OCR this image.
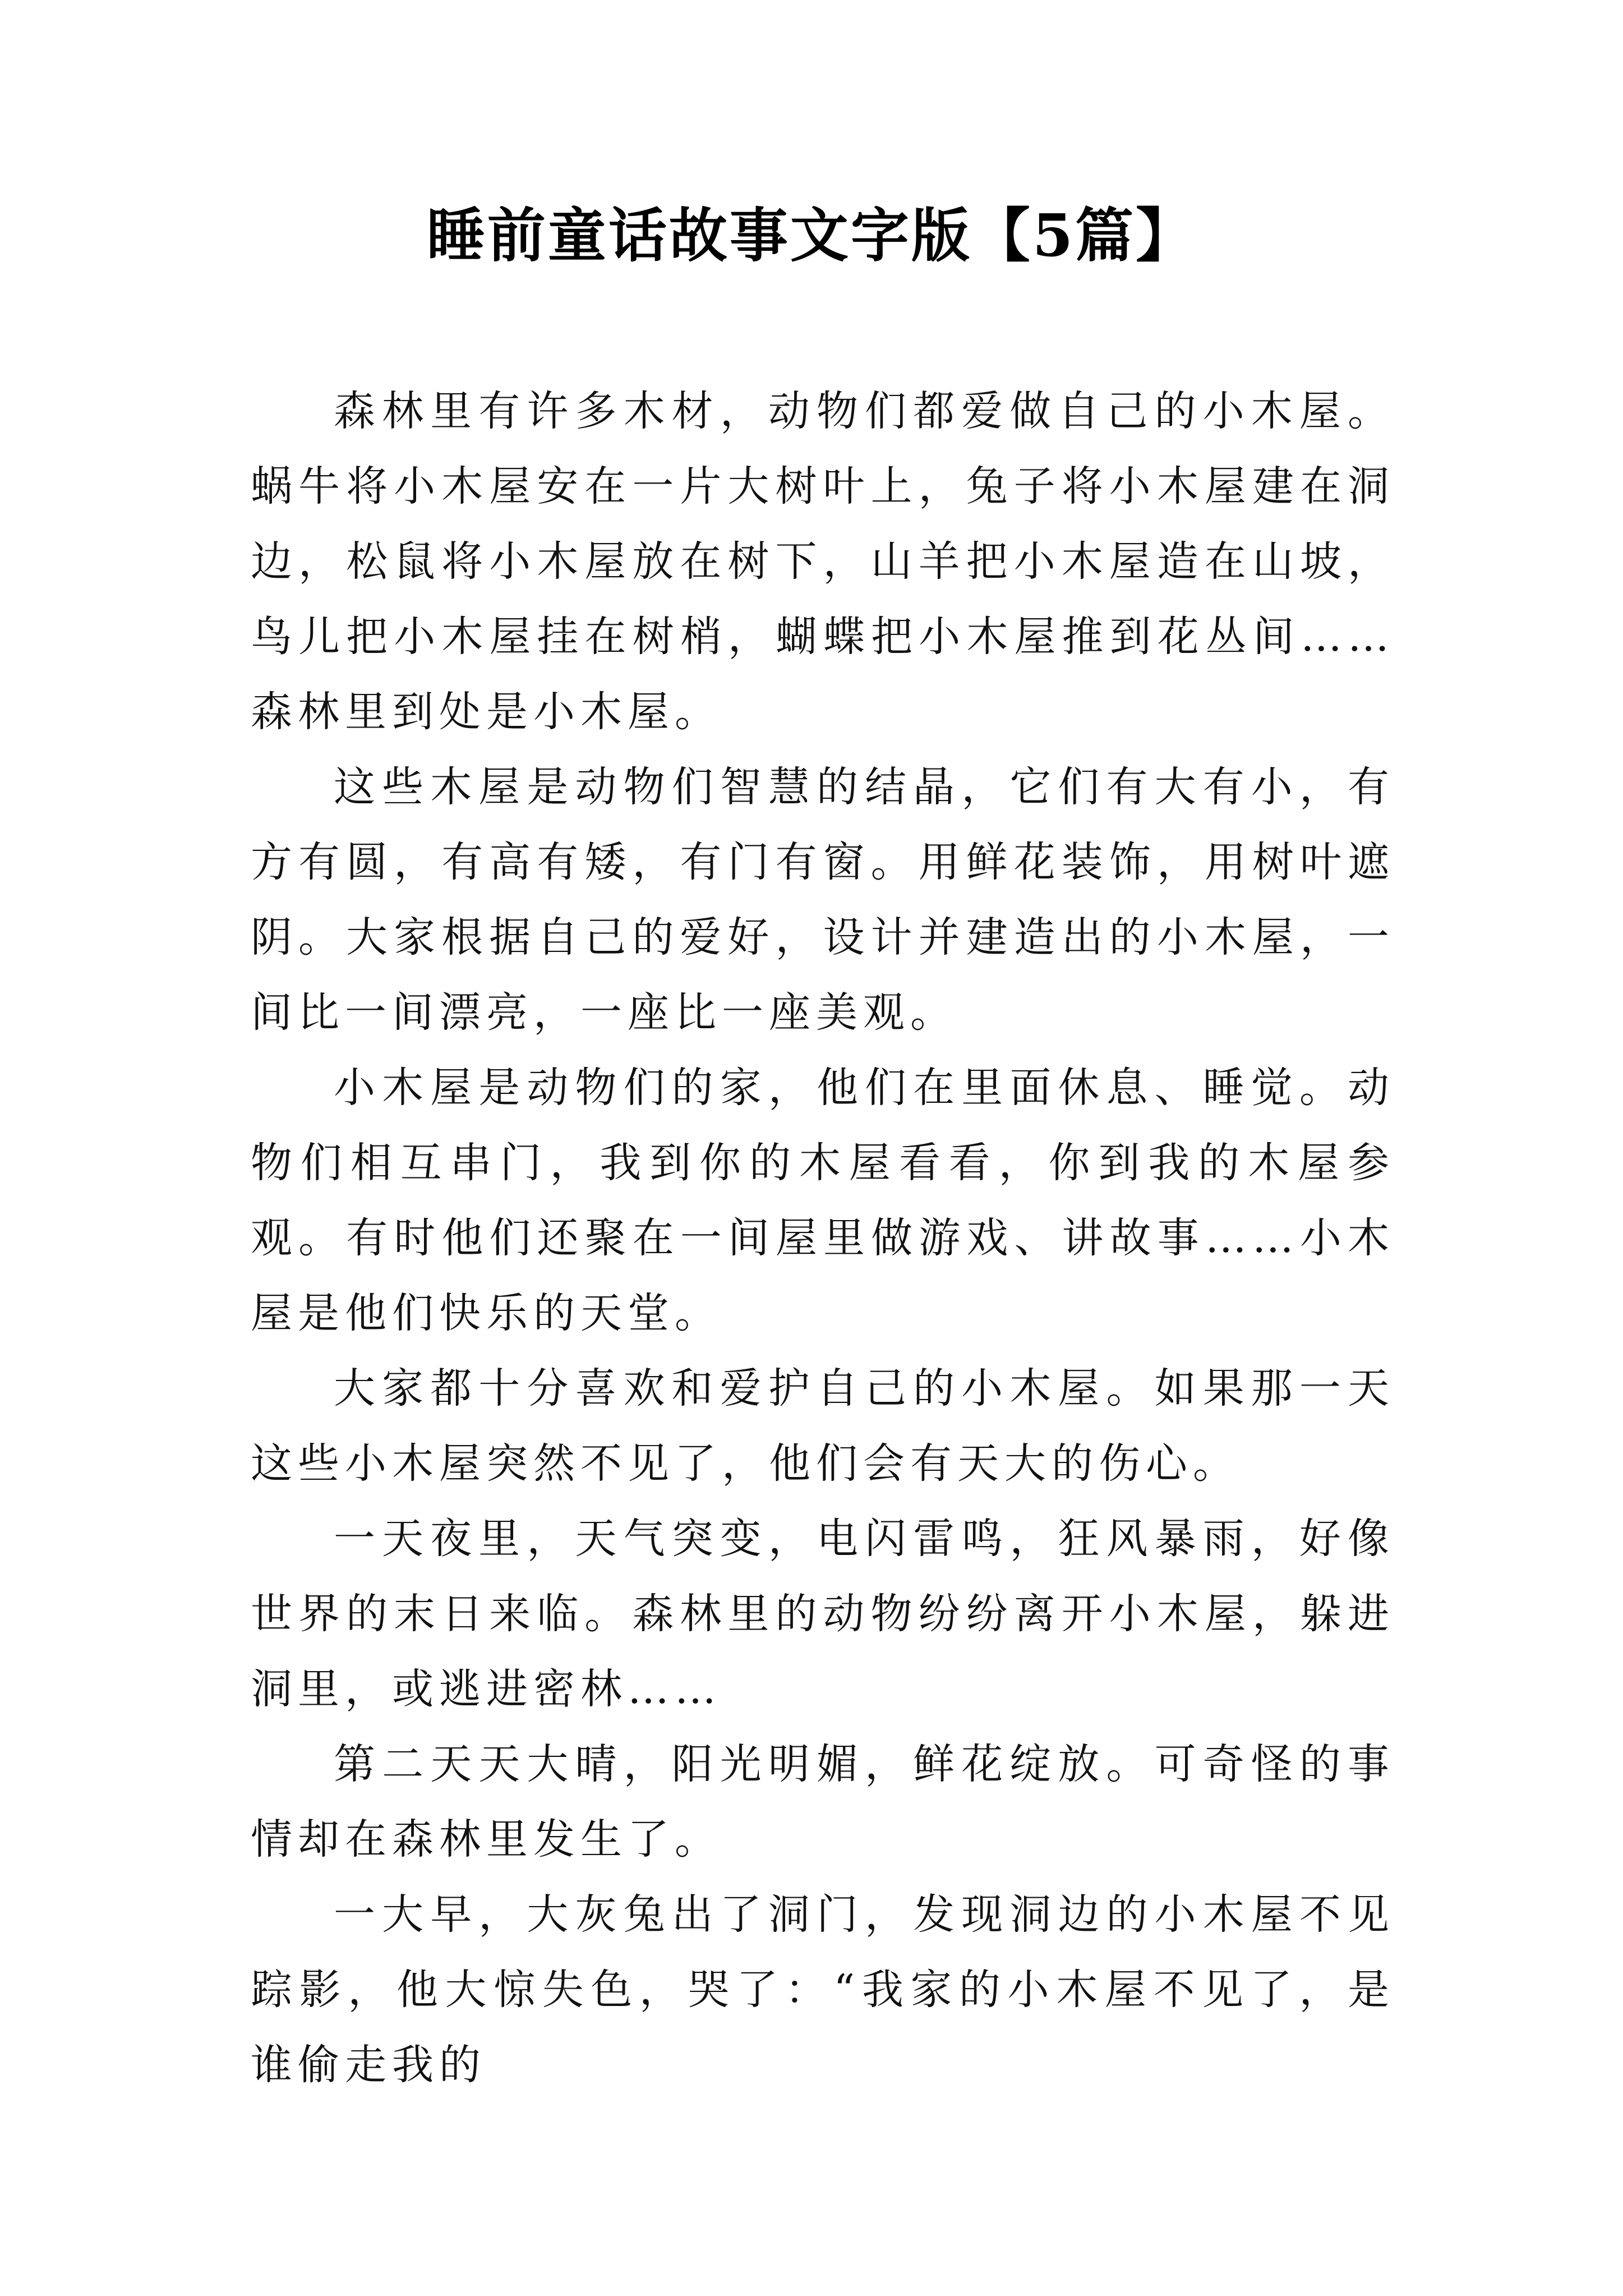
睡前童话故事文字版【5篇】

森林里有许多木材，动物们都爱做自己的小木屋。蜗牛将小木屋安在一片大树叶上，兔子将小木屋建在洞边，松鼠将小木屋放在树下，山羊把小木屋造在山坡，鸟儿把小木屋挂在树梢，蝴蝶把小木屋推到花丛间……森林里到处是小木屋。

这些木屋是动物们智慧的结晶，它们有大有小，有方有圆，有高有矮，有门有窗。用鲜花装饰，用树叶遮阴。大家根据自己的爱好，设计并建造出的小木屋，一间比一间漂亮，一座比一座美观。

小木屋是动物们的家，他们在里面休息、睡觉。动物们相互串门，我到你的木屋看看，你到我的木屋参观。有时他们还聚在一间屋里做游戏、讲故事……小木屋是他们快乐的天堂。

大家都十分喜欢和爱护自己的小木屋。如果那一天这些小木屋突然不见了，他们会有天大的伤心。

一天夜里，天气突变，电闪雷鸣，狂风暴雨，好像世界的末日来临。森林里的动物纷纷离开小木屋，躲进洞里，或逃进密林……

第二天天大晴，阳光明媚，鲜花绽放。可奇怪的事情却在森林里发生了。

一大早，大灰兔出了洞门，发现洞边的小木屋不见踪影，他大惊失色，哭了：“我家的小木屋不见了，是谁偷走我的
